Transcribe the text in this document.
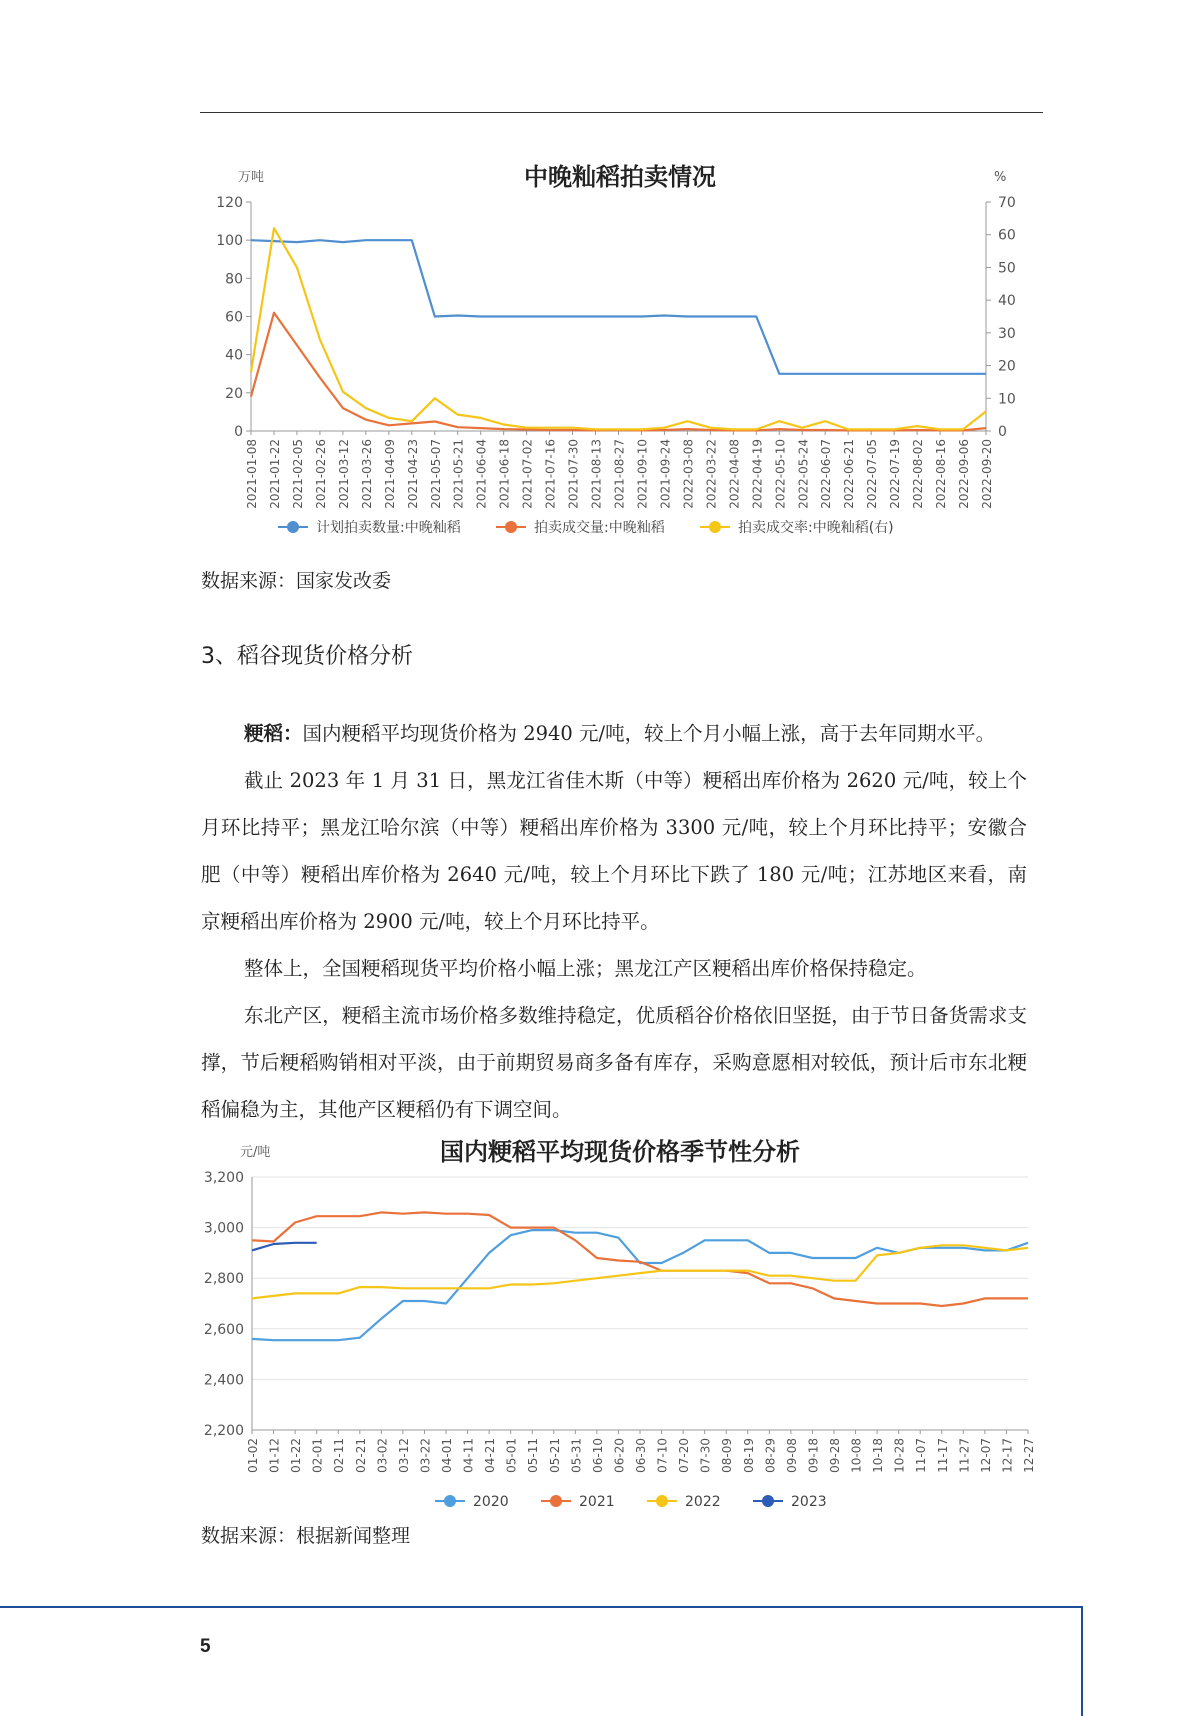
中晚籼稻拍卖情况
万吨	%
0
20
40
60
80
100
120
0
10
20
30
40
50
60
70
2021-01-08 2021-01-22 2021-02-05 2021-02-26 2021-03-12 2021-03-26 2021-04-09 2021-04-23 2021-05-07 2021-05-21 2021-06-04 2021-06-18 2021-07-02 2021-07-16 2021-07-30 2021-08-13 2021-08-27 2021-09-10 2021-09-24 2022-03-08 2022-03-22 2022-04-08 2022-04-19 2022-05-10 2022-05-24 2022-06-07 2022-06-21 2022-07-05 2022-07-19 2022-08-02 2022-08-16 2022-09-06 2022-09-20
计划拍卖数量:中晚籼稻	拍卖成交量:中晚籼稻	拍卖成交率:中晚籼稻(右)
数据来源：国家发改委
3、稻谷现货价格分析

粳稻：国内粳稻平均现货价格为 2940 元/吨，较上个月小幅上涨，高于去年同期水平。

截止 2023 年 1 月 31 日，黑龙江省佳木斯（中等）粳稻出库价格为 2620 元/吨，较上个月环比持平；黑龙江哈尔滨（中等）粳稻出库价格为 3300 元/吨，较上个月环比持平；安徽合肥（中等）粳稻出库价格为 2640 元/吨，较上个月环比下跌了 180 元/吨；江苏地区来看，南京粳稻出库价格为 2900 元/吨，较上个月环比持平。

整体上，全国粳稻现货平均价格小幅上涨；黑龙江产区粳稻出库价格保持稳定。

东北产区，粳稻主流市场价格多数维持稳定，优质稻谷价格依旧坚挺，由于节日备货需求支撑，节后粳稻购销相对平淡，由于前期贸易商多备有库存，采购意愿相对较低，预计后市东北粳稻偏稳为主，其他产区粳稻仍有下调空间。

国内粳稻平均现货价格季节性分析
元/吨
2,200
2,400
2,600
2,800
3,000
3,200
01-02 01-12 01-22 02-01 02-11 02-21 03-02 03-12 03-22 04-01 04-11 04-21 05-01 05-11 05-21 05-31 06-10 06-20 06-30 07-10 07-20 07-30 08-09 08-19 08-29 09-08 09-18 09-28 10-08 10-18 10-28 11-07 11-17 11-27 12-07 12-17 12-27
2020	2021	2022	2023
数据来源：根据新闻整理
5
